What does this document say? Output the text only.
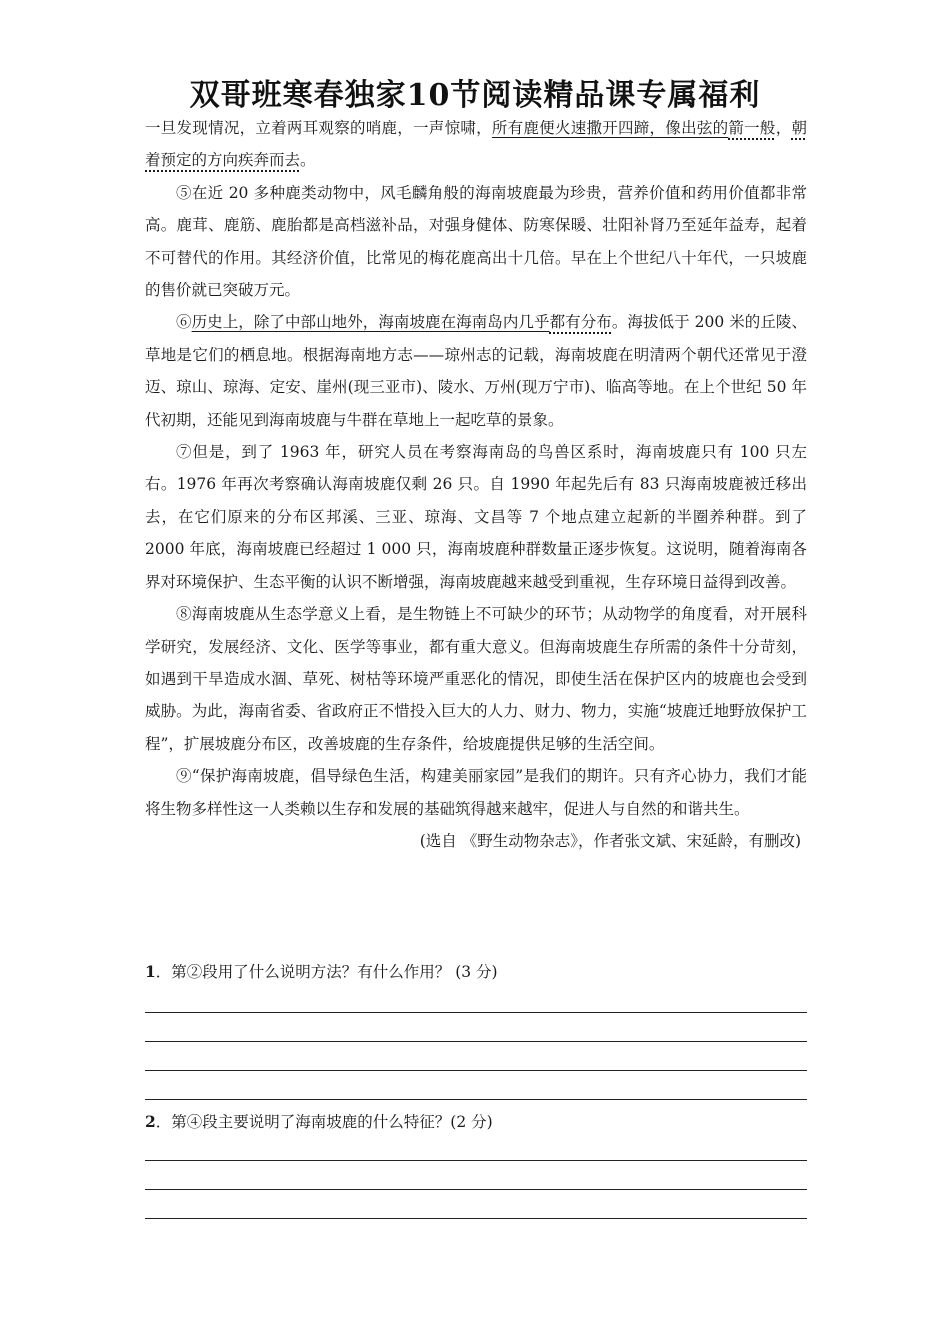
双哥班寒春独家10节阅读精品课专属福利

一旦发现情况，立着两耳观察的哨鹿，一声惊啸，所有鹿便火速撒开四蹄，像出弦的箭一般，朝着预定的方向疾奔而去。

⑤在近 20 多种鹿类动物中，风毛麟角般的海南坡鹿最为珍贵，营养价值和药用价值都非常高。鹿茸、鹿筋、鹿胎都是高档滋补品，对强身健体、防寒保暖、壮阳补肾乃至延年益寿，起着不可替代的作用。其经济价值，比常见的梅花鹿高出十几倍。早在上个世纪八十年代，一只坡鹿的售价就已突破万元。

⑥历史上，除了中部山地外，海南坡鹿在海南岛内几乎都有分布。海拔低于 200 米的丘陵、草地是它们的栖息地。根据海南地方志——琼州志的记载，海南坡鹿在明清两个朝代还常见于澄迈、琼山、琼海、定安、崖州(现三亚市)、陵水、万州(现万宁市)、临高等地。在上个世纪 50 年代初期，还能见到海南坡鹿与牛群在草地上一起吃草的景象。

⑦但是，到了 1963 年，研究人员在考察海南岛的鸟兽区系时，海南坡鹿只有 100 只左右。1976 年再次考察确认海南坡鹿仅剩 26 只。自 1990 年起先后有 83 只海南坡鹿被迁移出去，在它们原来的分布区邦溪、三亚、琼海、文昌等 7 个地点建立起新的半圈养种群。到了 2000 年底，海南坡鹿已经超过 1 000 只，海南坡鹿种群数量正逐步恢复。这说明，随着海南各界对环境保护、生态平衡的认识不断增强，海南坡鹿越来越受到重视，生存环境日益得到改善。

⑧海南坡鹿从生态学意义上看，是生物链上不可缺少的环节；从动物学的角度看，对开展科学研究，发展经济、文化、医学等事业，都有重大意义。但海南坡鹿生存所需的条件十分苛刻，如遇到干旱造成水涸、草死、树枯等环境严重恶化的情况，即使生活在保护区内的坡鹿也会受到威胁。为此，海南省委、省政府正不惜投入巨大的人力、财力、物力，实施“坡鹿迁地野放保护工程”，扩展坡鹿分布区，改善坡鹿的生存条件，给坡鹿提供足够的生活空间。

⑨“保护海南坡鹿，倡导绿色生活，构建美丽家园”是我们的期许。只有齐心协力，我们才能将生物多样性这一人类赖以生存和发展的基础筑得越来越牢，促进人与自然的和谐共生。

(选自 《野生动物杂志》，作者张文斌、宋延龄，有删改)

1．第②段用了什么说明方法？有什么作用？ (3 分)
2．第④段主要说明了海南坡鹿的什么特征？(2 分)
